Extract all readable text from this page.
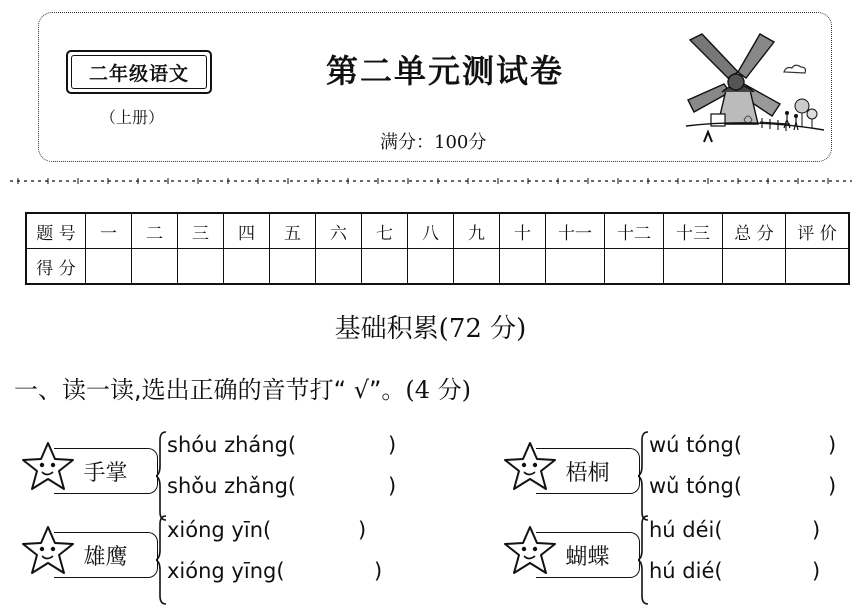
二年级语文
（上册）
第二单元测试卷
满分：100分
题 号	一	二	三	四	五	六	七	八	九	十	十一	十二	十三	总 分	评 价
得 分															
基础积累(72 分)
一、读一读,选出正确的音节打“ √”。(4 分)
手掌
shóu zháng(	)
shǒu zhǎng(	)
梧桐
wú tóng(	)
wǔ tóng(	)
雄鹰
xióng yīn(	)
xióng yīng(	)
蝴蝶
hú déi(	)
hú dié(	)
